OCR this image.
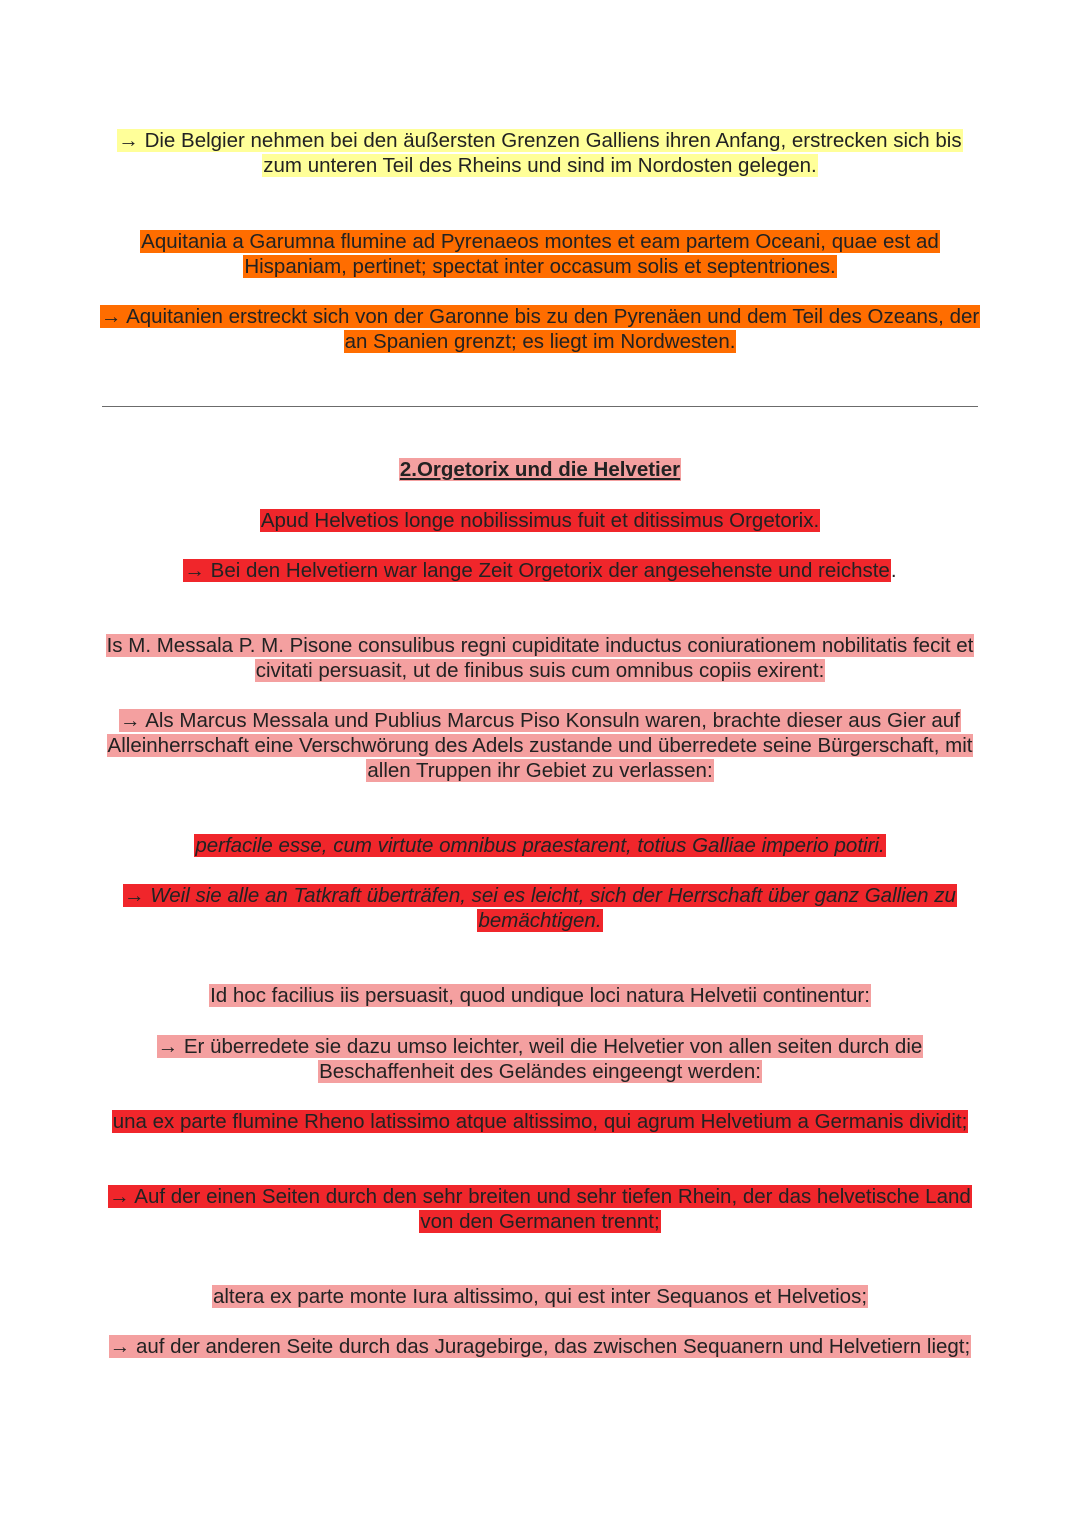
→ Die Belgier nehmen bei den äußersten Grenzen Galliens ihren Anfang, erstrecken sich bis zum unteren Teil des Rheins und sind im Nordosten gelegen.

Aquitania a Garumna flumine ad Pyrenaeos montes et eam partem Oceani, quae est ad Hispaniam, pertinet; spectat inter occasum solis et septentriones.

→ Aquitanien erstreckt sich von der Garonne bis zu den Pyrenäen und dem Teil des Ozeans, der an Spanien grenzt; es liegt im Nordwesten.

2.Orgetorix und die Helvetier

Apud Helvetios longe nobilissimus fuit et ditissimus Orgetorix.

→ Bei den Helvetiern war lange Zeit Orgetorix der angesehenste und reichste.

Is M. Messala P. M. Pisone consulibus regni cupiditate inductus coniurationem nobilitatis fecit et civitati persuasit, ut de finibus suis cum omnibus copiis exirent:

→ Als Marcus Messala und Publius Marcus Piso Konsuln waren, brachte dieser aus Gier auf Alleinherrschaft eine Verschwörung des Adels zustande und überredete seine Bürgerschaft, mit allen Truppen ihr Gebiet zu verlassen:

perfacile esse, cum virtute omnibus praestarent, totius Galliae imperio potiri.

→ Weil sie alle an Tatkraft überträfen, sei es leicht, sich der Herrschaft über ganz Gallien zu bemächtigen.

Id hoc facilius iis persuasit, quod undique loci natura Helvetii continentur:

→ Er überredete sie dazu umso leichter, weil die Helvetier von allen seiten durch die Beschaffenheit des Geländes eingeengt werden:

una ex parte flumine Rheno latissimo atque altissimo, qui agrum Helvetium a Germanis dividit;

→ Auf der einen Seiten durch den sehr breiten und sehr tiefen Rhein, der das helvetische Land von den Germanen trennt;

altera ex parte monte Iura altissimo, qui est inter Sequanos et Helvetios;

→ auf der anderen Seite durch das Juragebirge, das zwischen Sequanern und Helvetiern liegt;
